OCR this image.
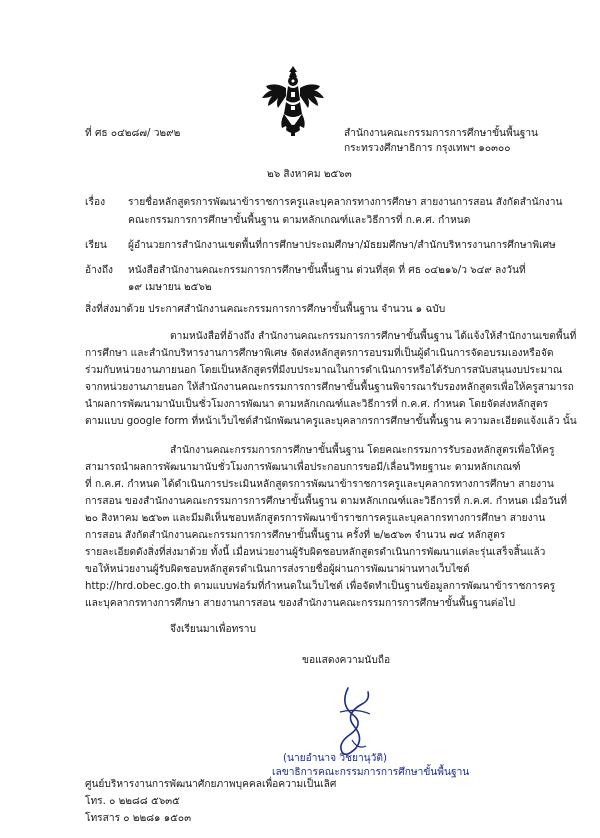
ที่ ศธ ๐๔๒๘๗/ ว๒๙๒	สำนักงานคณะกรรมการการศึกษาขั้นพื้นฐาน
กระทรวงศึกษาธิการ กรุงเทพฯ ๑๐๓๐๐
๒๖ สิงหาคม ๒๕๖๓
เรื่อง รายชื่อหลักสูตรการพัฒนาข้าราชการครูและบุคลากรทางการศึกษา สายงานการสอน สังกัดสำนักงาน
คณะกรรมการการศึกษาขั้นพื้นฐาน ตามหลักเกณฑ์และวิธีการที่ ก.ค.ศ. กำหนด
เรียน ผู้อำนวยการสำนักงานเขตพื้นที่การศึกษาประถมศึกษา/มัธยมศึกษา/สำนักบริหารงานการศึกษาพิเศษ
อ้างถึง หนังสือสำนักงานคณะกรรมการการศึกษาขั้นพื้นฐาน ด่วนที่สุด ที่ ศธ ๐๔๒๑๖/ว ๖๔๙ ลงวันที่
๑๙ เมษายน ๒๕๖๒
สิ่งที่ส่งมาด้วย ประกาศสำนักงานคณะกรรมการการศึกษาขั้นพื้นฐาน จำนวน ๑ ฉบับ
ตามหนังสือที่อ้างถึง สำนักงานคณะกรรมการการศึกษาขั้นพื้นฐาน ได้แจ้งให้สำนักงานเขตพื้นที่
การศึกษา และสำนักบริหารงานการศึกษาพิเศษ จัดส่งหลักสูตรการอบรมที่เป็นผู้ดำเนินการจัดอบรมเองหรือจัด
ร่วมกับหน่วยงานภายนอก โดยเป็นหลักสูตรที่มีงบประมาณในการดำเนินการหรือได้รับการสนับสนุนงบประมาณ
จากหน่วยงานภายนอก ให้สำนักงานคณะกรรมการการศึกษาขั้นพื้นฐานพิจารณารับรองหลักสูตรเพื่อให้ครูสามารถ
นำผลการพัฒนามานับเป็นชั่วโมงการพัฒนา ตามหลักเกณฑ์และวิธีการที่ ก.ค.ศ. กำหนด โดยจัดส่งหลักสูตร
ตามแบบ google form ที่หน้าเว็บไซต์สำนักพัฒนาครูและบุคลากรการศึกษาขั้นพื้นฐาน ความละเอียดแจ้งแล้ว นั้น
สำนักงานคณะกรรมการการศึกษาขั้นพื้นฐาน โดยคณะกรรมการรับรองหลักสูตรเพื่อให้ครู
สามารถนำผลการพัฒนามานับชั่วโมงการพัฒนาเพื่อประกอบการขอมี/เลื่อนวิทยฐานะ ตามหลักเกณฑ์
ที่ ก.ค.ศ. กำหนด ได้ดำเนินการประเมินหลักสูตรการพัฒนาข้าราชการครูและบุคลากรทางการศึกษา สายงาน
การสอน ของสำนักงานคณะกรรมการการศึกษาขั้นพื้นฐาน ตามหลักเกณฑ์และวิธีการที่ ก.ค.ศ. กำหนด เมื่อวันที่
๒๐ สิงหาคม ๒๕๖๓ และมีมติเห็นชอบหลักสูตรการพัฒนาข้าราชการครูและบุคลากรทางการศึกษา สายงาน
การสอน สังกัดสำนักงานคณะกรรมการการศึกษาขั้นพื้นฐาน ครั้งที่ ๒/๒๕๖๓ จำนวน ๗๔ หลักสูตร
รายละเอียดดังสิ่งที่ส่งมาด้วย ทั้งนี้ เมื่อหน่วยงานผู้รับผิดชอบหลักสูตรดำเนินการพัฒนาแต่ละรุ่นเสร็จสิ้นแล้ว
ขอให้หน่วยงานผู้รับผิดชอบหลักสูตรดำเนินการส่งรายชื่อผู้ผ่านการพัฒนาผ่านทางเว็บไซต์
http://hrd.obec.go.th ตามแบบฟอร์มที่กำหนดในเว็บไซต์ เพื่อจัดทำเป็นฐานข้อมูลการพัฒนาข้าราชการครู
และบุคลากรทางการศึกษา สายงานการสอน ของสำนักงานคณะกรรมการการศึกษาขั้นพื้นฐานต่อไป
จึงเรียนมาเพื่อทราบ
ขอแสดงความนับถือ
(นายอำนาจ วิชยานุวัติ)
เลขาธิการคณะกรรมการการศึกษาขั้นพื้นฐาน
ศูนย์บริหารงานการพัฒนาศักยภาพบุคคลเพื่อความเป็นเลิศ
โทร. ๐ ๒๒๘๘ ๕๖๓๕
โทรสาร ๐ ๒๒๘๑ ๑๕๐๓
